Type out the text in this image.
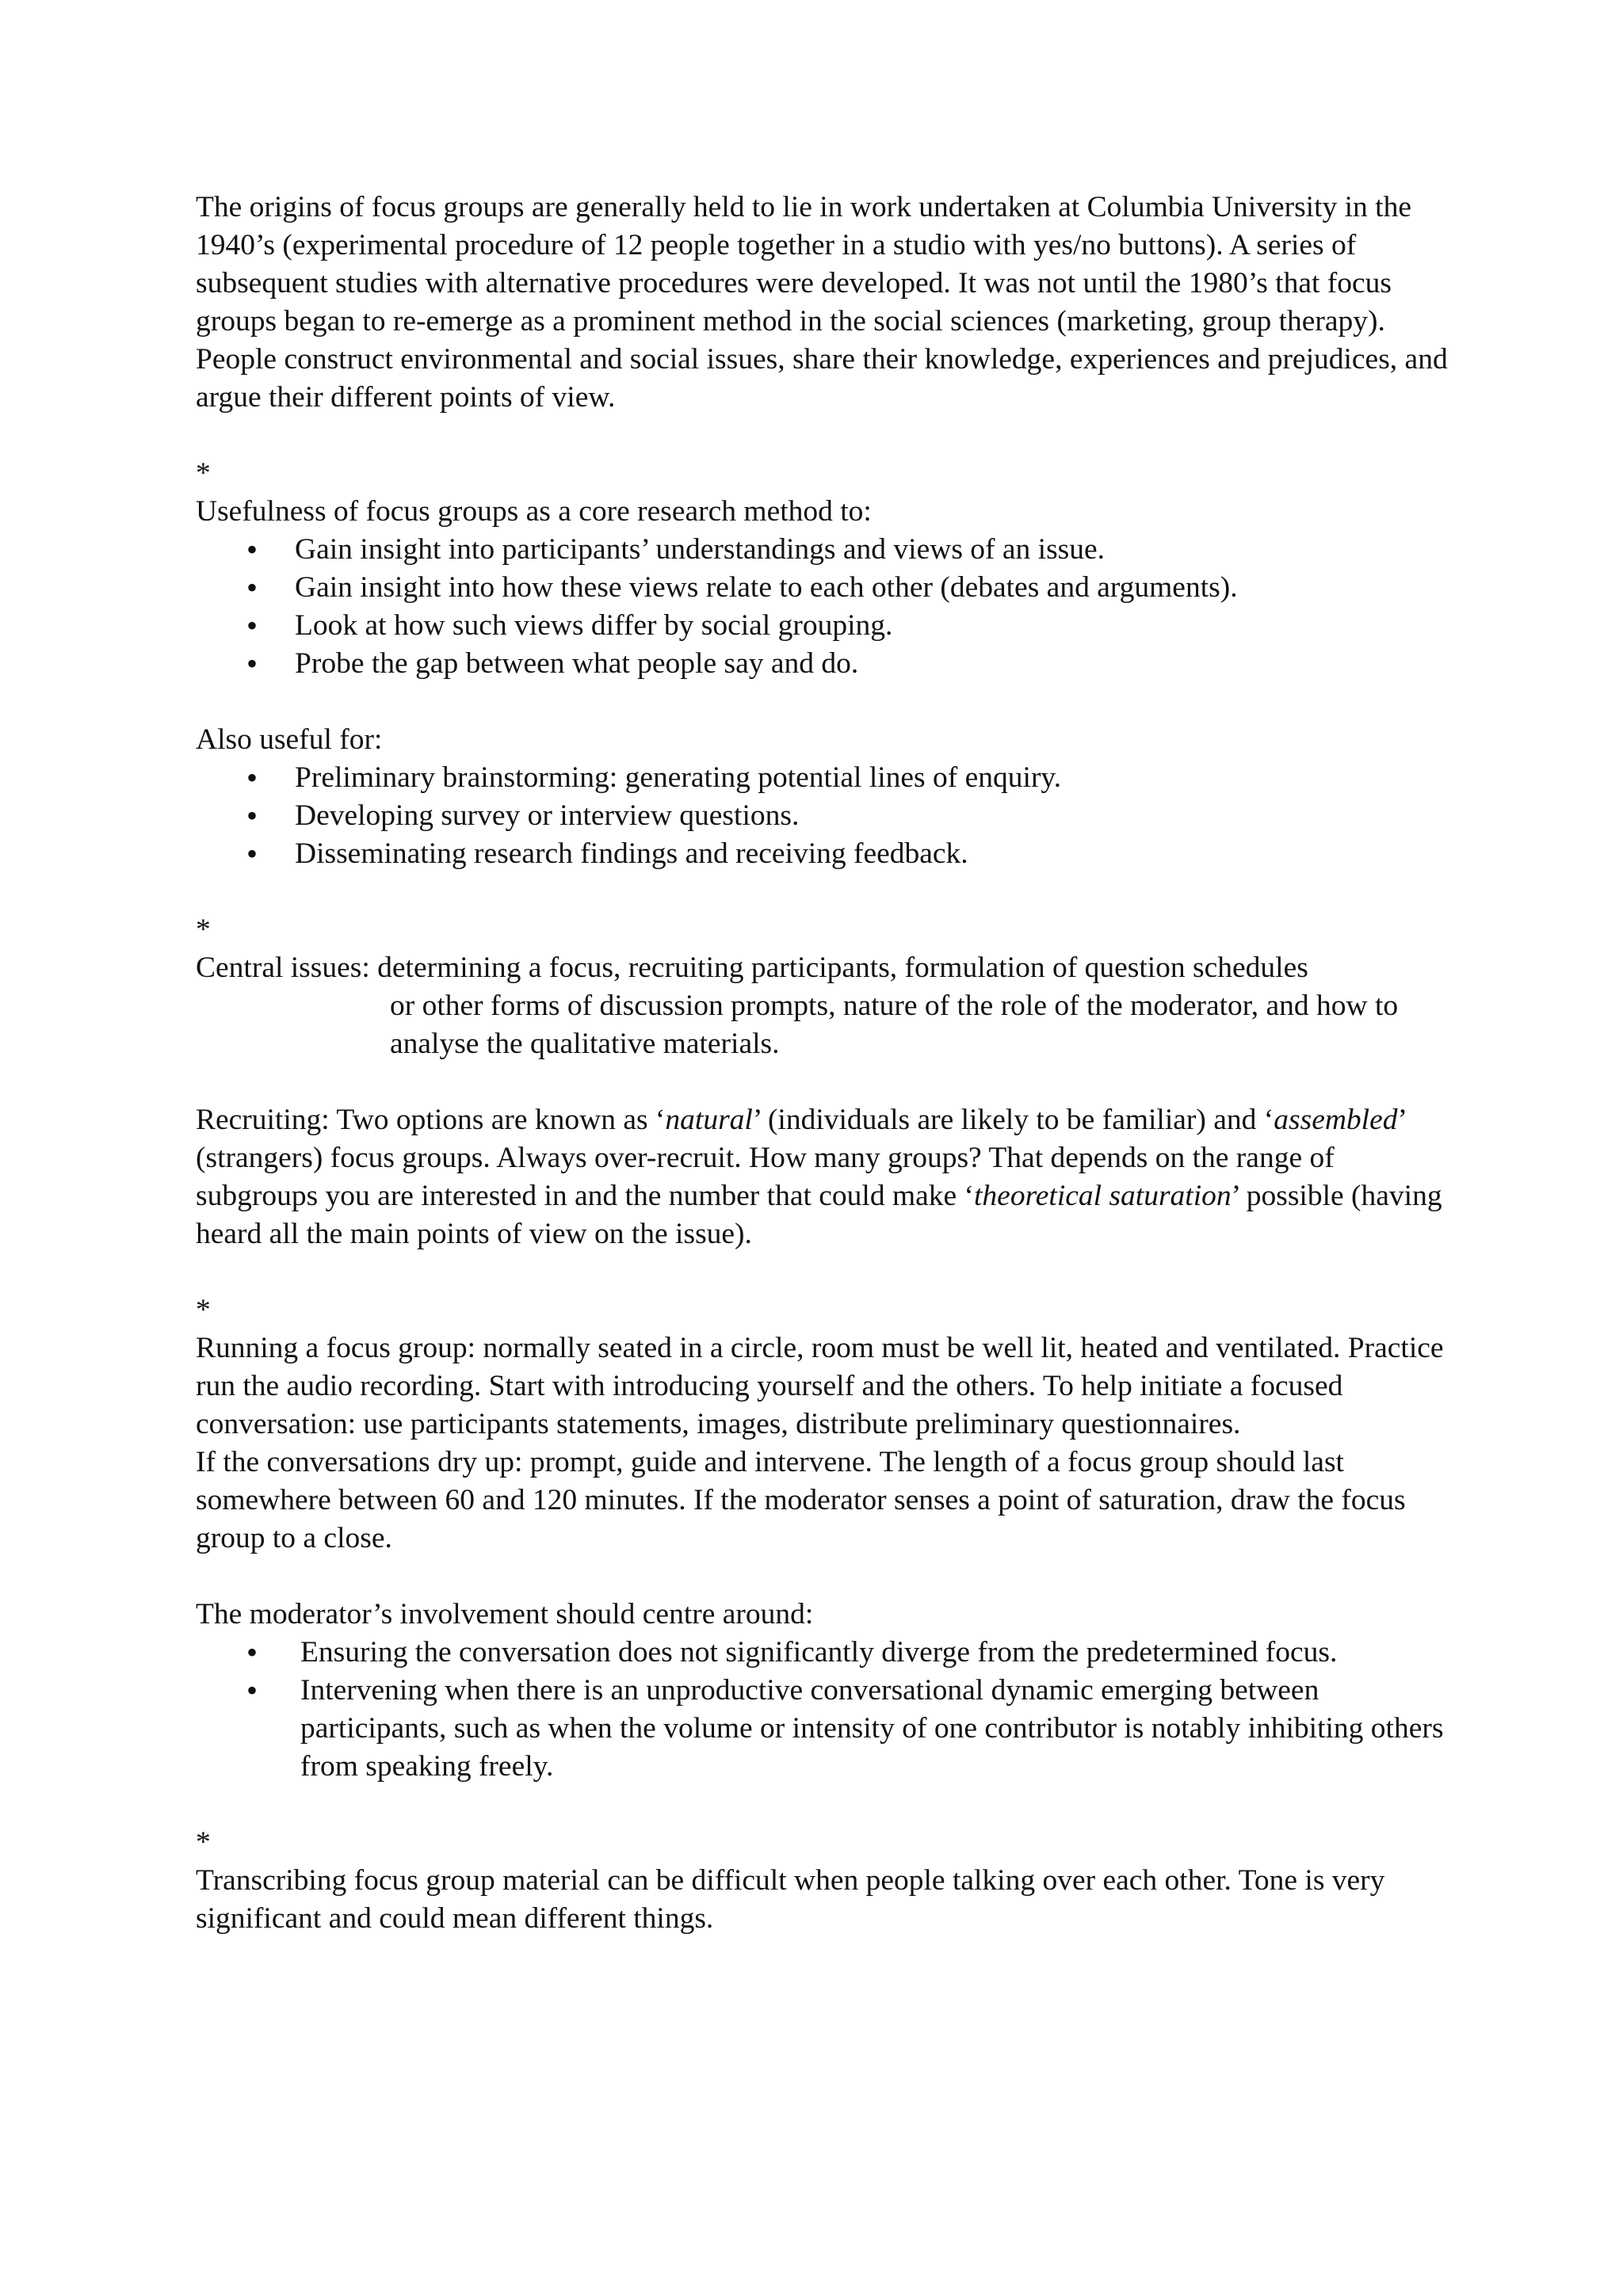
The origins of focus groups are generally held to lie in work undertaken at Columbia University in the 1940’s (experimental procedure of 12 people together in a studio with yes/no buttons). A series of subsequent studies with alternative procedures were developed. It was not until the 1980’s that focus groups began to re-emerge as a prominent method in the social sciences (marketing, group therapy).

People construct environmental and social issues, share their knowledge, experiences and prejudices, and argue their different points of view.

*

Usefulness of focus groups as a core research method to:

• Gain insight into participants’ understandings and views of an issue.
• Gain insight into how these views relate to each other (debates and arguments).
• Look at how such views differ by social grouping.
• Probe the gap between what people say and do.

Also useful for:

• Preliminary brainstorming: generating potential lines of enquiry.
• Developing survey or interview questions.
• Disseminating research findings and receiving feedback.

*

Central issues: determining a focus, recruiting participants, formulation of question schedules

or other forms of discussion prompts, nature of the role of the moderator, and how to analyse the qualitative materials.

Recruiting: Two options are known as ‘natural’ (individuals are likely to be familiar) and ‘assembled’ (strangers) focus groups. Always over-recruit. How many groups? That depends on the range of subgroups you are interested in and the number that could make ‘theoretical saturation’ possible (having heard all the main points of view on the issue).

*

Running a focus group: normally seated in a circle, room must be well lit, heated and ventilated. Practice run the audio recording. Start with introducing yourself and the others. To help initiate a focused conversation: use participants statements, images, distribute preliminary questionnaires.

If the conversations dry up: prompt, guide and intervene. The length of a focus group should last somewhere between 60 and 120 minutes. If the moderator senses a point of saturation, draw the focus group to a close.

The moderator’s involvement should centre around:

• Ensuring the conversation does not significantly diverge from the predetermined focus.
• Intervening when there is an unproductive conversational dynamic emerging between participants, such as when the volume or intensity of one contributor is notably inhibiting others from speaking freely.

*

Transcribing focus group material can be difficult when people talking over each other. Tone is very significant and could mean different things.
